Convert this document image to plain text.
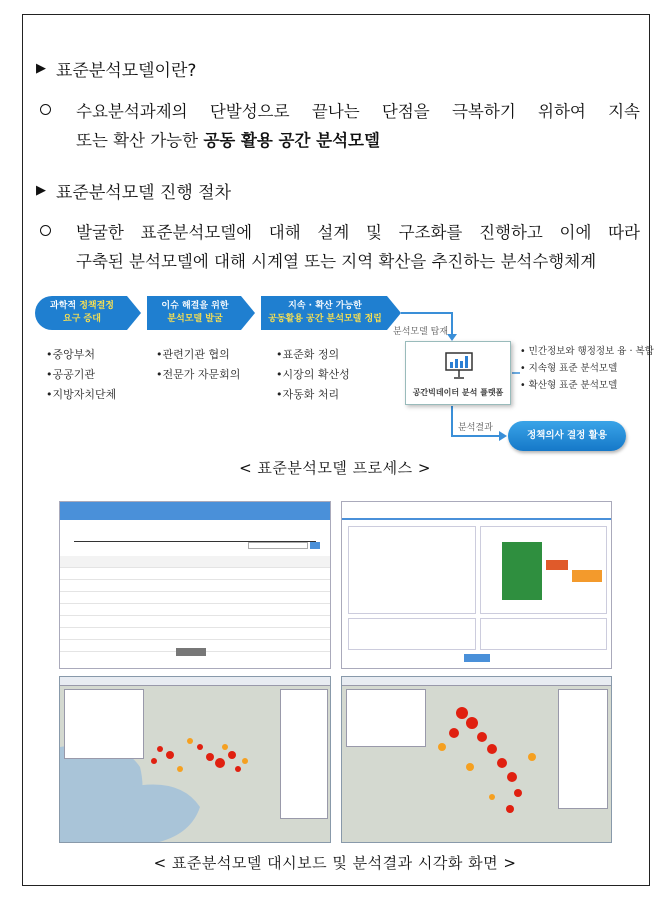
▶ 표준분석모델이란?
수요분석과제의 단발성으로 끝나는 단점을 극복하기 위하여 지속
또는 확산 가능한 공동 활용 공간 분석모델
▶ 표준분석모델 진행 절차
발굴한 표준분석모델에 대해 설계 및 구조화를 진행하고 이에 따라
구축된 분석모델에 대해 시계열 또는 지역 확산을 추진하는 분석수행체계
과학적 정책결정
요구 증대
이슈 해결을 위한
분석모델 발굴
지속 · 확산 가능한
공동활용 공간 분석모델 정립
분석모델 탑재
•중앙부처
•공공기관
•지방자치단체
•관련기관 협의
•전문가 자문회의
•표준화 정의
•시장의 확산성
•자동화 처리	공간빅데이터 분석 플랫폼
• 민간정보와 행정정보 융 · 복합
• 지속형 표준 분석모델
• 확산형 표준 분석모델
분석결과
정책의사 결정 활용
< 표준분석모델 프로세스 >
< 표준분석모델 대시보드 및 분석결과 시각화 화면 >
